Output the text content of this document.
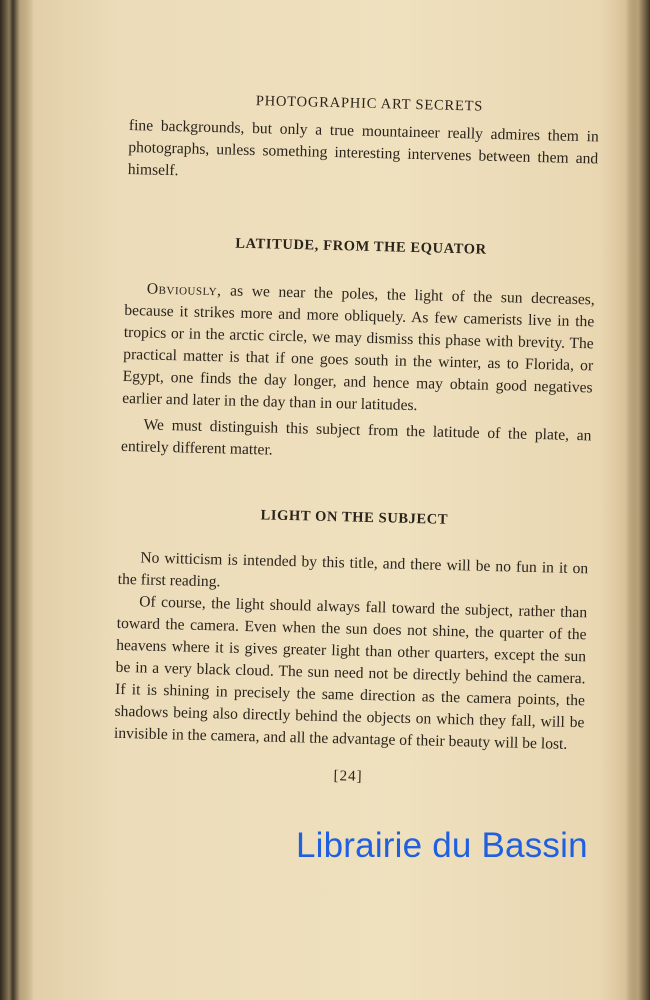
PHOTOGRAPHIC ART SECRETS

fine backgrounds, but only a true mountaineer really admires them in photographs, unless something interesting intervenes between them and himself.

LATITUDE, FROM THE EQUATOR

Obviously, as we near the poles, the light of the sun decreases, because it strikes more and more obliquely. As few camerists live in the tropics or in the arctic circle, we may dismiss this phase with brevity. The practical matter is that if one goes south in the winter, as to Florida, or Egypt, one finds the day longer, and hence may obtain good negatives earlier and later in the day than in our latitudes.

We must distinguish this subject from the latitude of the plate, an entirely different matter.

LIGHT ON THE SUBJECT

No witticism is intended by this title, and there will be no fun in it on the first reading.

Of course, the light should always fall toward the subject, rather than toward the camera. Even when the sun does not shine, the quarter of the heavens where it is gives greater light than other quarters, except the sun be in a very black cloud. The sun need not be directly behind the camera. If it is shining in precisely the same direction as the camera points, the shadows being also directly behind the objects on which they fall, will be invisible in the camera, and all the advantage of their beauty will be lost.

[24]
Librairie du Bassin
